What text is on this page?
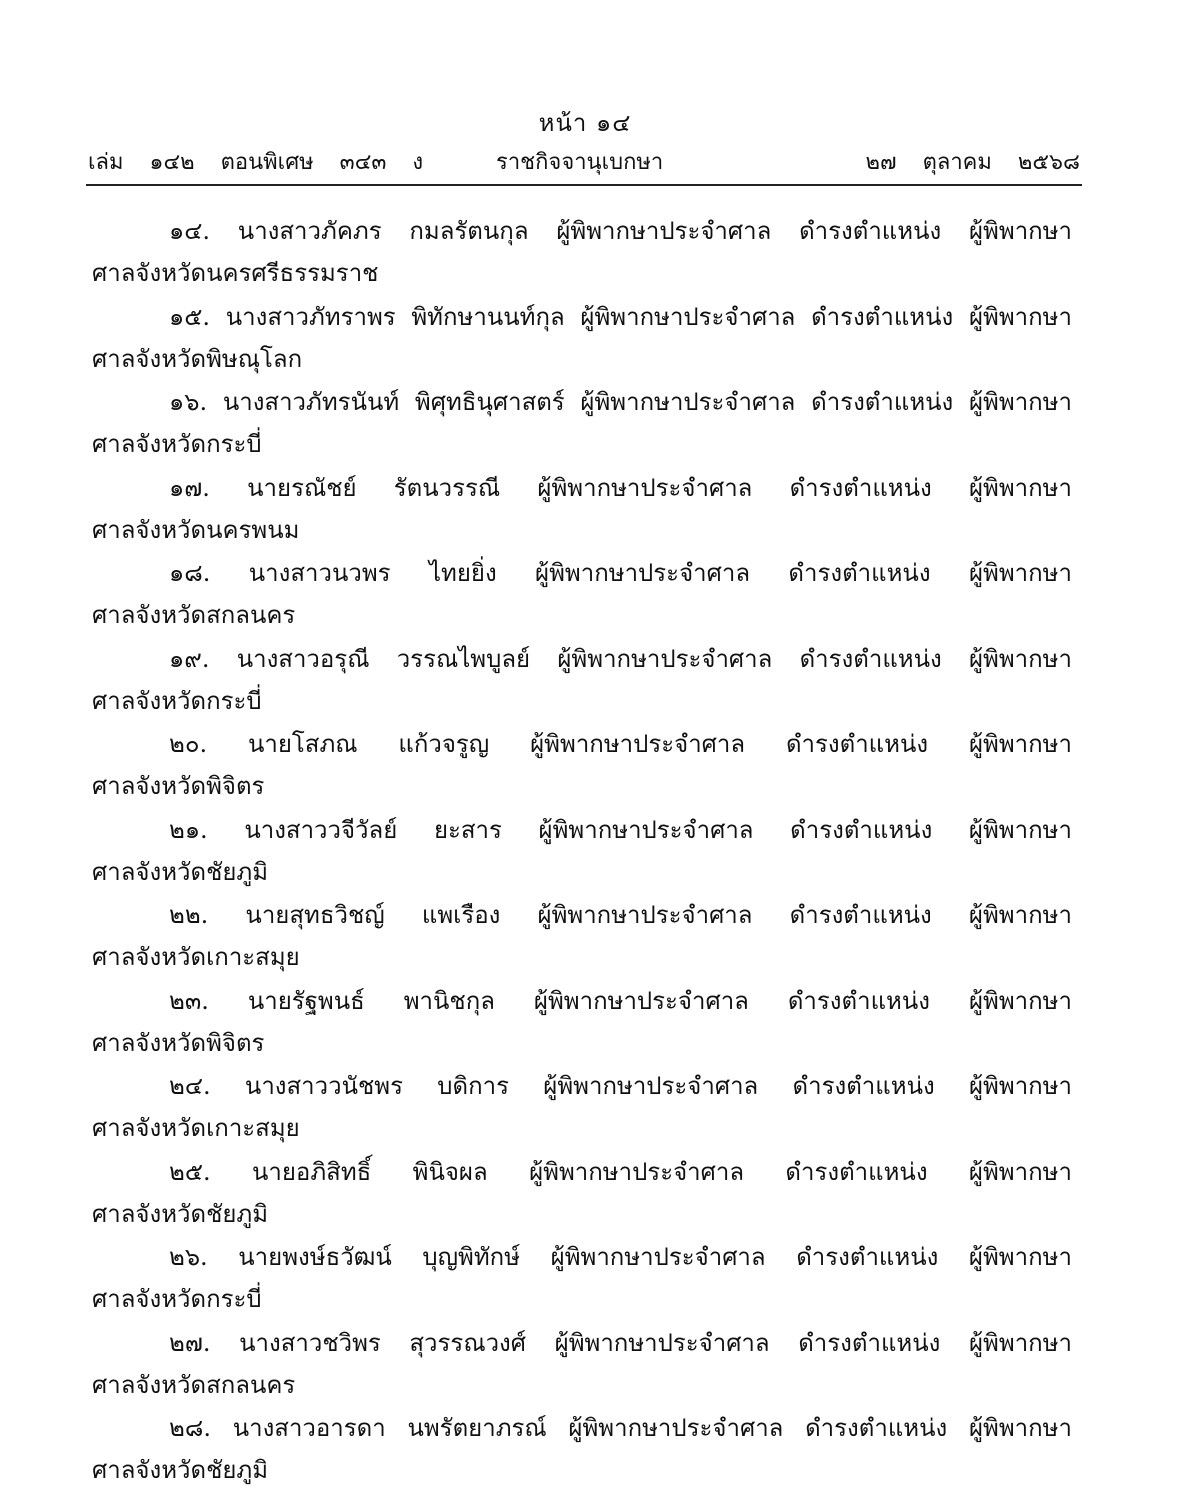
หน้า ๑๔
เล่ม ๑๔๒ ตอนพิเศษ ๓๔๓ ง	ราชกิจจานุเบกษา	๒๗ ตุลาคม ๒๕๖๘
๑๔. นางสาวภัคภร กมลรัตนกุล ผู้พิพากษาประจำศาล ดำรงตำแหน่ง ผู้พิพากษา
ศาลจังหวัดนครศรีธรรมราช
๑๕. นางสาวภัทราพร พิทักษานนท์กุล ผู้พิพากษาประจำศาล ดำรงตำแหน่ง ผู้พิพากษา
ศาลจังหวัดพิษณุโลก
๑๖. นางสาวภัทรนันท์ พิศุทธินุศาสตร์ ผู้พิพากษาประจำศาล ดำรงตำแหน่ง ผู้พิพากษา
ศาลจังหวัดกระบี่
๑๗. นายรณัชย์ รัตนวรรณี ผู้พิพากษาประจำศาล ดำรงตำแหน่ง ผู้พิพากษา
ศาลจังหวัดนครพนม
๑๘. นางสาวนวพร ไทยยิ่ง ผู้พิพากษาประจำศาล ดำรงตำแหน่ง ผู้พิพากษา
ศาลจังหวัดสกลนคร
๑๙. นางสาวอรุณี วรรณไพบูลย์ ผู้พิพากษาประจำศาล ดำรงตำแหน่ง ผู้พิพากษา
ศาลจังหวัดกระบี่
๒๐. นายโสภณ แก้วจรูญ ผู้พิพากษาประจำศาล ดำรงตำแหน่ง ผู้พิพากษา
ศาลจังหวัดพิจิตร
๒๑. นางสาววจีวัลย์ ยะสาร ผู้พิพากษาประจำศาล ดำรงตำแหน่ง ผู้พิพากษา
ศาลจังหวัดชัยภูมิ
๒๒. นายสุทธวิชญ์ แพเรือง ผู้พิพากษาประจำศาล ดำรงตำแหน่ง ผู้พิพากษา
ศาลจังหวัดเกาะสมุย
๒๓. นายรัฐพนธ์ พานิชกุล ผู้พิพากษาประจำศาล ดำรงตำแหน่ง ผู้พิพากษา
ศาลจังหวัดพิจิตร
๒๔. นางสาววนัชพร บดิการ ผู้พิพากษาประจำศาล ดำรงตำแหน่ง ผู้พิพากษา
ศาลจังหวัดเกาะสมุย
๒๕. นายอภิสิทธิ์ พินิจผล ผู้พิพากษาประจำศาล ดำรงตำแหน่ง ผู้พิพากษา
ศาลจังหวัดชัยภูมิ
๒๖. นายพงษ์ธวัฒน์ บุญพิทักษ์ ผู้พิพากษาประจำศาล ดำรงตำแหน่ง ผู้พิพากษา
ศาลจังหวัดกระบี่
๒๗. นางสาวชวิพร สุวรรณวงศ์ ผู้พิพากษาประจำศาล ดำรงตำแหน่ง ผู้พิพากษา
ศาลจังหวัดสกลนคร
๒๘. นางสาวอารดา นพรัตยาภรณ์ ผู้พิพากษาประจำศาล ดำรงตำแหน่ง ผู้พิพากษา
ศาลจังหวัดชัยภูมิ
